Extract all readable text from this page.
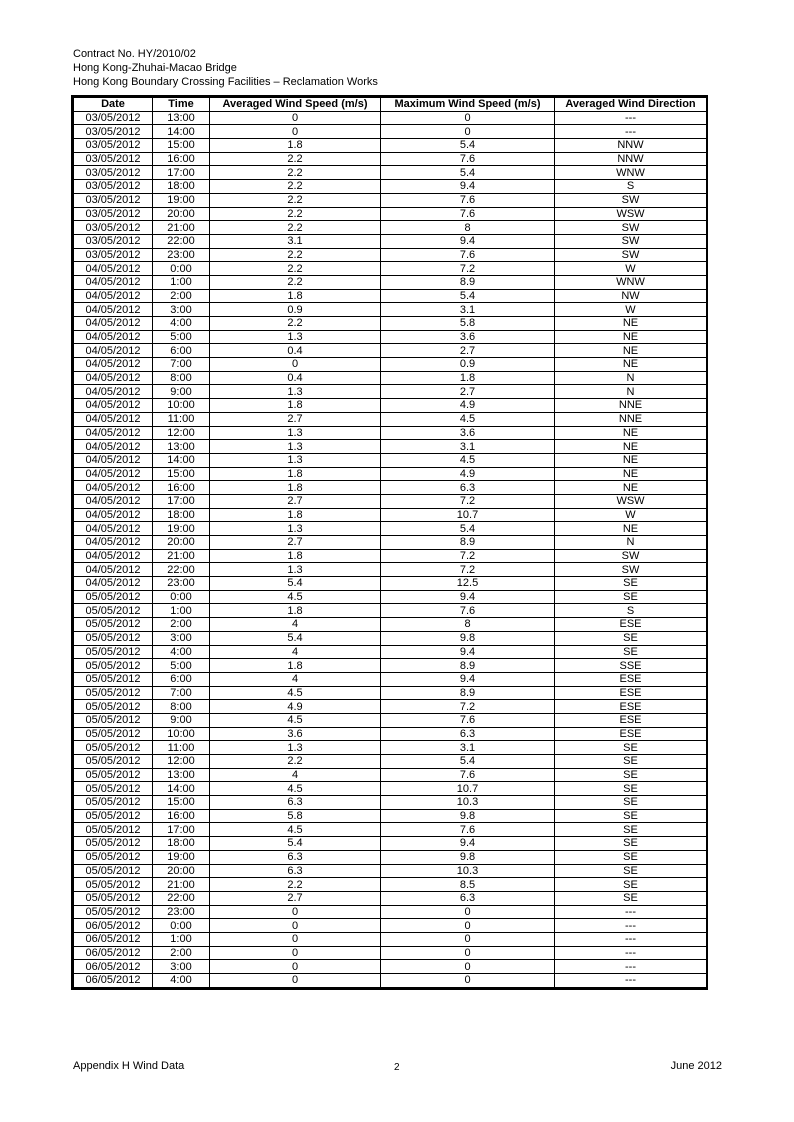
Contract No. HY/2010/02
Hong Kong-Zhuhai-Macao Bridge
Hong Kong Boundary Crossing Facilities – Reclamation Works
Date	Time	Averaged Wind Speed (m/s)	Maximum Wind Speed (m/s)	Averaged Wind Direction
03/05/2012	13:00	0	0	---
03/05/2012	14:00	0	0	---
03/05/2012	15:00	1.8	5.4	NNW
03/05/2012	16:00	2.2	7.6	NNW
03/05/2012	17:00	2.2	5.4	WNW
03/05/2012	18:00	2.2	9.4	S
03/05/2012	19:00	2.2	7.6	SW
03/05/2012	20:00	2.2	7.6	WSW
03/05/2012	21:00	2.2	8	SW
03/05/2012	22:00	3.1	9.4	SW
03/05/2012	23:00	2.2	7.6	SW
04/05/2012	0:00	2.2	7.2	W
04/05/2012	1:00	2.2	8.9	WNW
04/05/2012	2:00	1.8	5.4	NW
04/05/2012	3:00	0.9	3.1	W
04/05/2012	4:00	2.2	5.8	NE
04/05/2012	5:00	1.3	3.6	NE
04/05/2012	6:00	0.4	2.7	NE
04/05/2012	7:00	0	0.9	NE
04/05/2012	8:00	0.4	1.8	N
04/05/2012	9:00	1.3	2.7	N
04/05/2012	10:00	1.8	4.9	NNE
04/05/2012	11:00	2.7	4.5	NNE
04/05/2012	12:00	1.3	3.6	NE
04/05/2012	13:00	1.3	3.1	NE
04/05/2012	14:00	1.3	4.5	NE
04/05/2012	15:00	1.8	4.9	NE
04/05/2012	16:00	1.8	6.3	NE
04/05/2012	17:00	2.7	7.2	WSW
04/05/2012	18:00	1.8	10.7	W
04/05/2012	19:00	1.3	5.4	NE
04/05/2012	20:00	2.7	8.9	N
04/05/2012	21:00	1.8	7.2	SW
04/05/2012	22:00	1.3	7.2	SW
04/05/2012	23:00	5.4	12.5	SE
05/05/2012	0:00	4.5	9.4	SE
05/05/2012	1:00	1.8	7.6	S
05/05/2012	2:00	4	8	ESE
05/05/2012	3:00	5.4	9.8	SE
05/05/2012	4:00	4	9.4	SE
05/05/2012	5:00	1.8	8.9	SSE
05/05/2012	6:00	4	9.4	ESE
05/05/2012	7:00	4.5	8.9	ESE
05/05/2012	8:00	4.9	7.2	ESE
05/05/2012	9:00	4.5	7.6	ESE
05/05/2012	10:00	3.6	6.3	ESE
05/05/2012	11:00	1.3	3.1	SE
05/05/2012	12:00	2.2	5.4	SE
05/05/2012	13:00	4	7.6	SE
05/05/2012	14:00	4.5	10.7	SE
05/05/2012	15:00	6.3	10.3	SE
05/05/2012	16:00	5.8	9.8	SE
05/05/2012	17:00	4.5	7.6	SE
05/05/2012	18:00	5.4	9.4	SE
05/05/2012	19:00	6.3	9.8	SE
05/05/2012	20:00	6.3	10.3	SE
05/05/2012	21:00	2.2	8.5	SE
05/05/2012	22:00	2.7	6.3	SE
05/05/2012	23:00	0	0	---
06/05/2012	0:00	0	0	---
06/05/2012	1:00	0	0	---
06/05/2012	2:00	0	0	---
06/05/2012	3:00	0	0	---
06/05/2012	4:00	0	0	---
Appendix H Wind Data	2	June 2012
